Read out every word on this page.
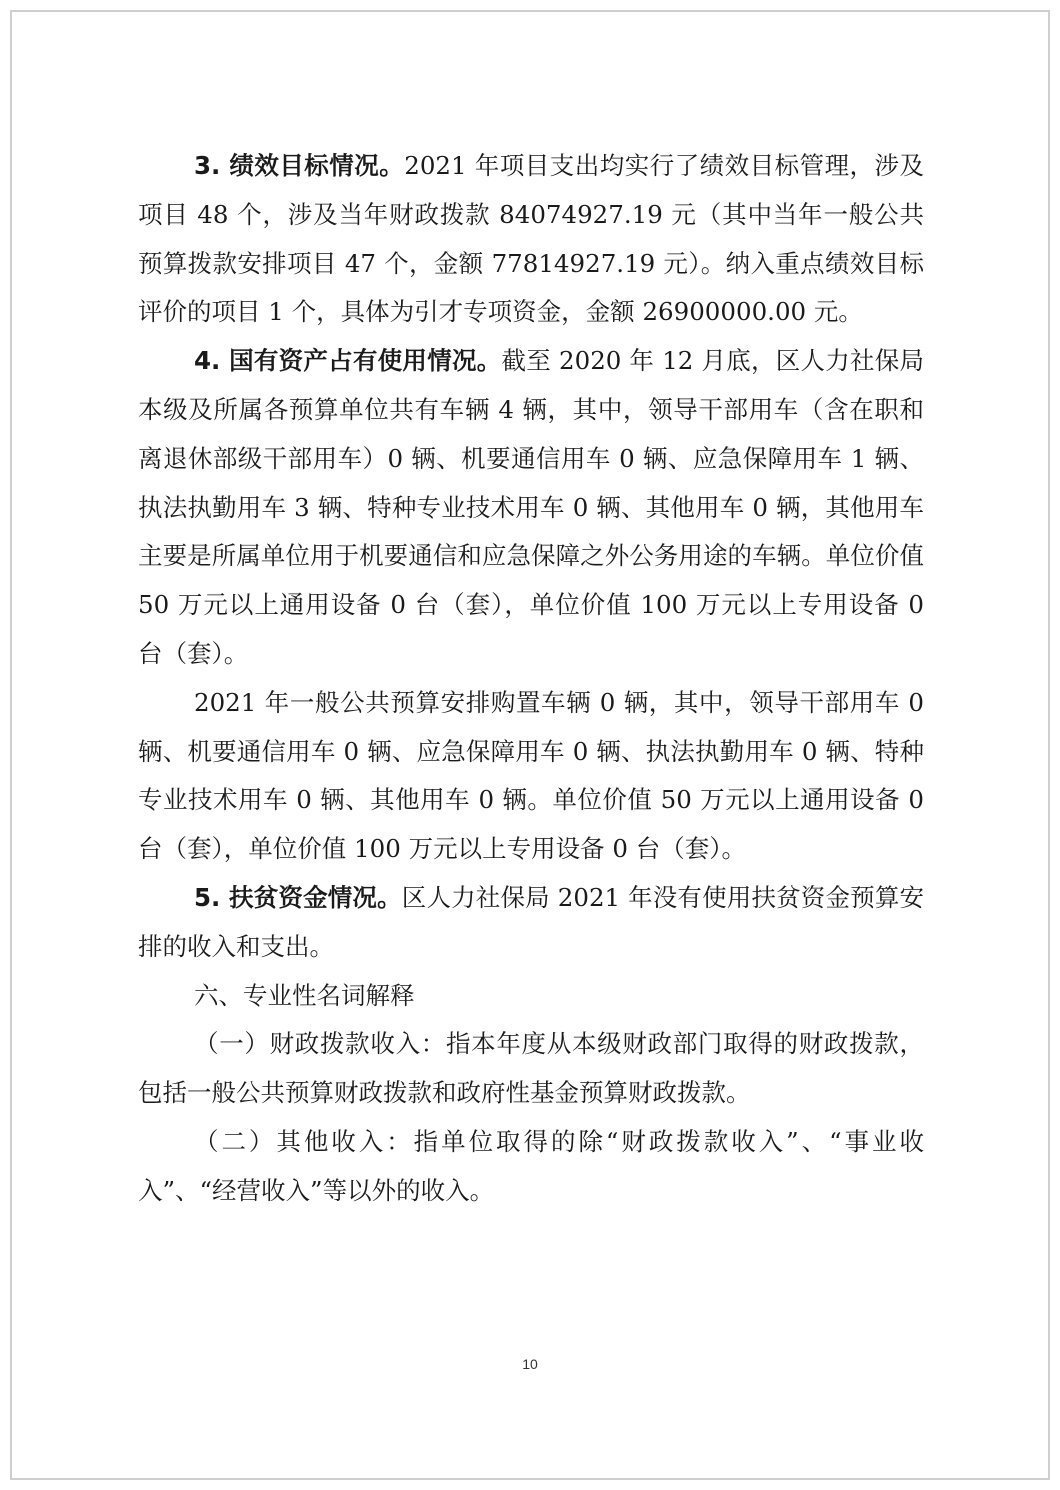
3. 绩效目标情况。2021 年项目支出均实行了绩效目标管理，涉及项目 48 个，涉及当年财政拨款 84074927.19 元（其中当年一般公共预算拨款安排项目 47 个，金额 77814927.19 元）。纳入重点绩效目标评价的项目 1 个，具体为引才专项资金，金额 26900000.00 元。

4. 国有资产占有使用情况。截至 2020 年 12 月底，区人力社保局本级及所属各预算单位共有车辆 4 辆，其中，领导干部用车（含在职和离退休部级干部用车）0 辆、机要通信用车 0 辆、应急保障用车 1 辆、执法执勤用车 3 辆、特种专业技术用车 0 辆、其他用车 0 辆，其他用车主要是所属单位用于机要通信和应急保障之外公务用途的车辆。单位价值 50 万元以上通用设备 0 台（套），单位价值 100 万元以上专用设备 0 台（套）。

2021 年一般公共预算安排购置车辆 0 辆，其中，领导干部用车 0 辆、机要通信用车 0 辆、应急保障用车 0 辆、执法执勤用车 0 辆、特种专业技术用车 0 辆、其他用车 0 辆。单位价值 50 万元以上通用设备 0 台（套），单位价值 100 万元以上专用设备 0 台（套）。

5. 扶贫资金情况。区人力社保局 2021 年没有使用扶贫资金预算安排的收入和支出。

六、专业性名词解释

（一）财政拨款收入：指本年度从本级财政部门取得的财政拨款，包括一般公共预算财政拨款和政府性基金预算财政拨款。

（二）其他收入：指单位取得的除“财政拨款收入”、“事业收入”、“经营收入”等以外的收入。

10
